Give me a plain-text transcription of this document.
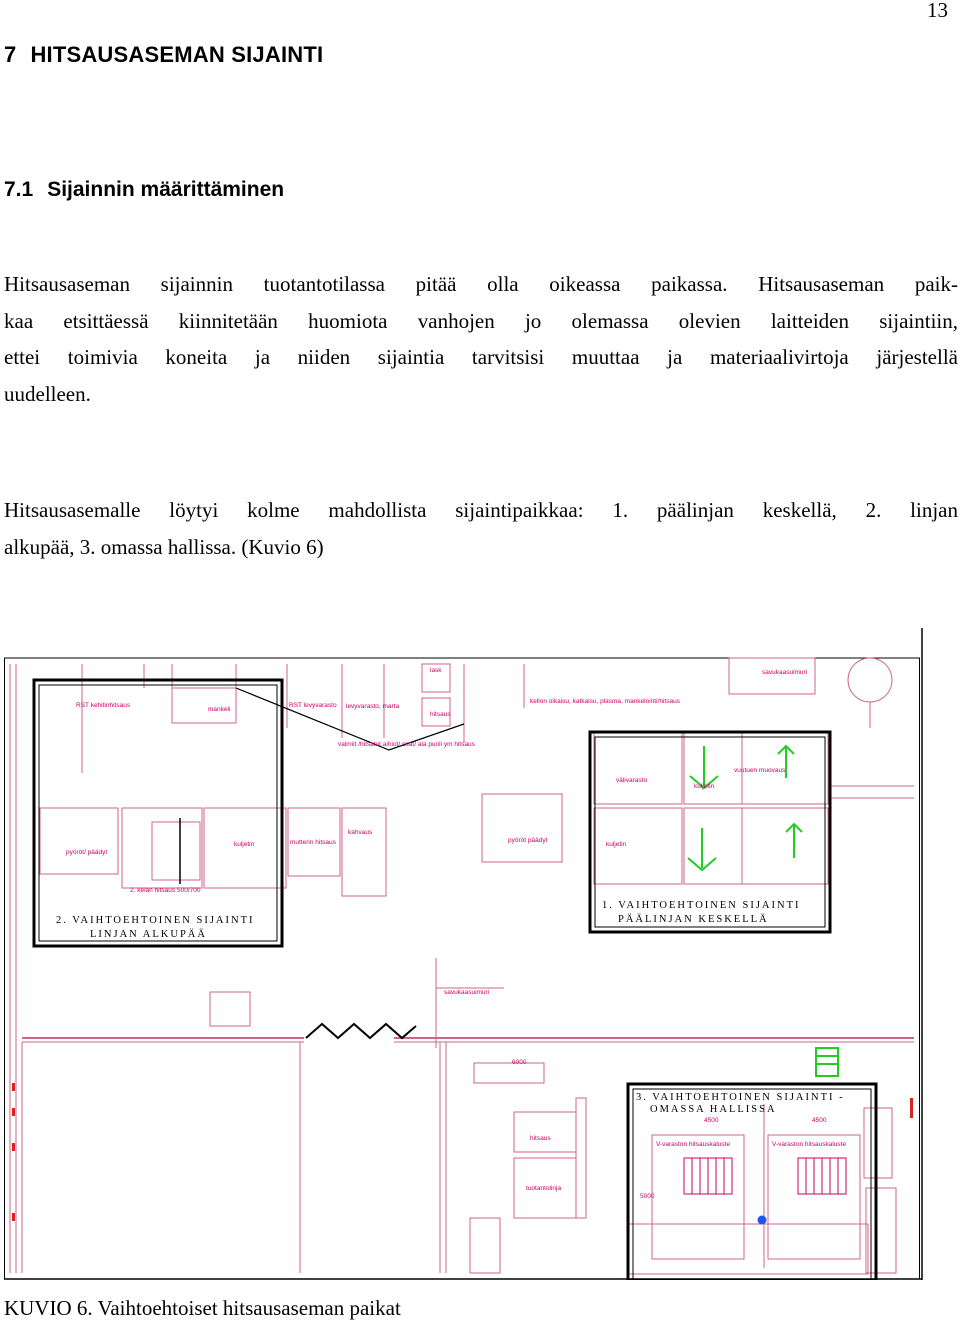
13
7 HITSAUSASEMAN SIJAINTI
7.1 Sijainnin määrittäminen
Hitsausaseman sijainnin tuotantotilassa pitää olla oikeassa paikassa. Hitsausaseman paik-
kaa etsittäessä kiinnitetään huomiota vanhojen jo olemassa olevien laitteiden sijaintiin,
ettei toimivia koneita ja niiden sijaintia tarvitsisi muuttaa ja materiaalivirtoja järjestellä
uudelleen.
Hitsausasemalle löytyi kolme mahdollista sijaintipaikkaa: 1. päälinjan keskellä, 2. linjan
alkupää, 3. omassa hallissa. (Kuvio 6)
RST kehitinhitsaus
mankeli
RST levyvarasto levyvarasto, marta
kellon oikaisu, katkaisu, plasma, mankelointi/hitsaus
savukaasuimuri
lask
hitsaus
valmiit /hitsatut aihiot/ osat/ ala puoli ym hitsaus
pyöröt/ päädyt
kuljetin	mutterin hitsaus
kahvaus
2. kelan hitsaus 500/700
pyöröt päädyt
kuljetin
välivarasto
kuljetin
vuutuen muovaus
savukaasuimuri
hitsaus
tuotantolinja
V-varaston hitsauskaluste	V-varaston hitsauskaluste
4500	4500
5000
6000
1. VAIHTOEHTOINEN SIJAINTI
PÄÄLINJAN KESKELLÄ
2. VAIHTOEHTOINEN SIJAINTI
LINJAN ALKUPÄÄ
3. VAIHTOEHTOINEN SIJAINTI -
OMASSA HALLISSA
KUVIO 6. Vaihtoehtoiset hitsausaseman paikat
